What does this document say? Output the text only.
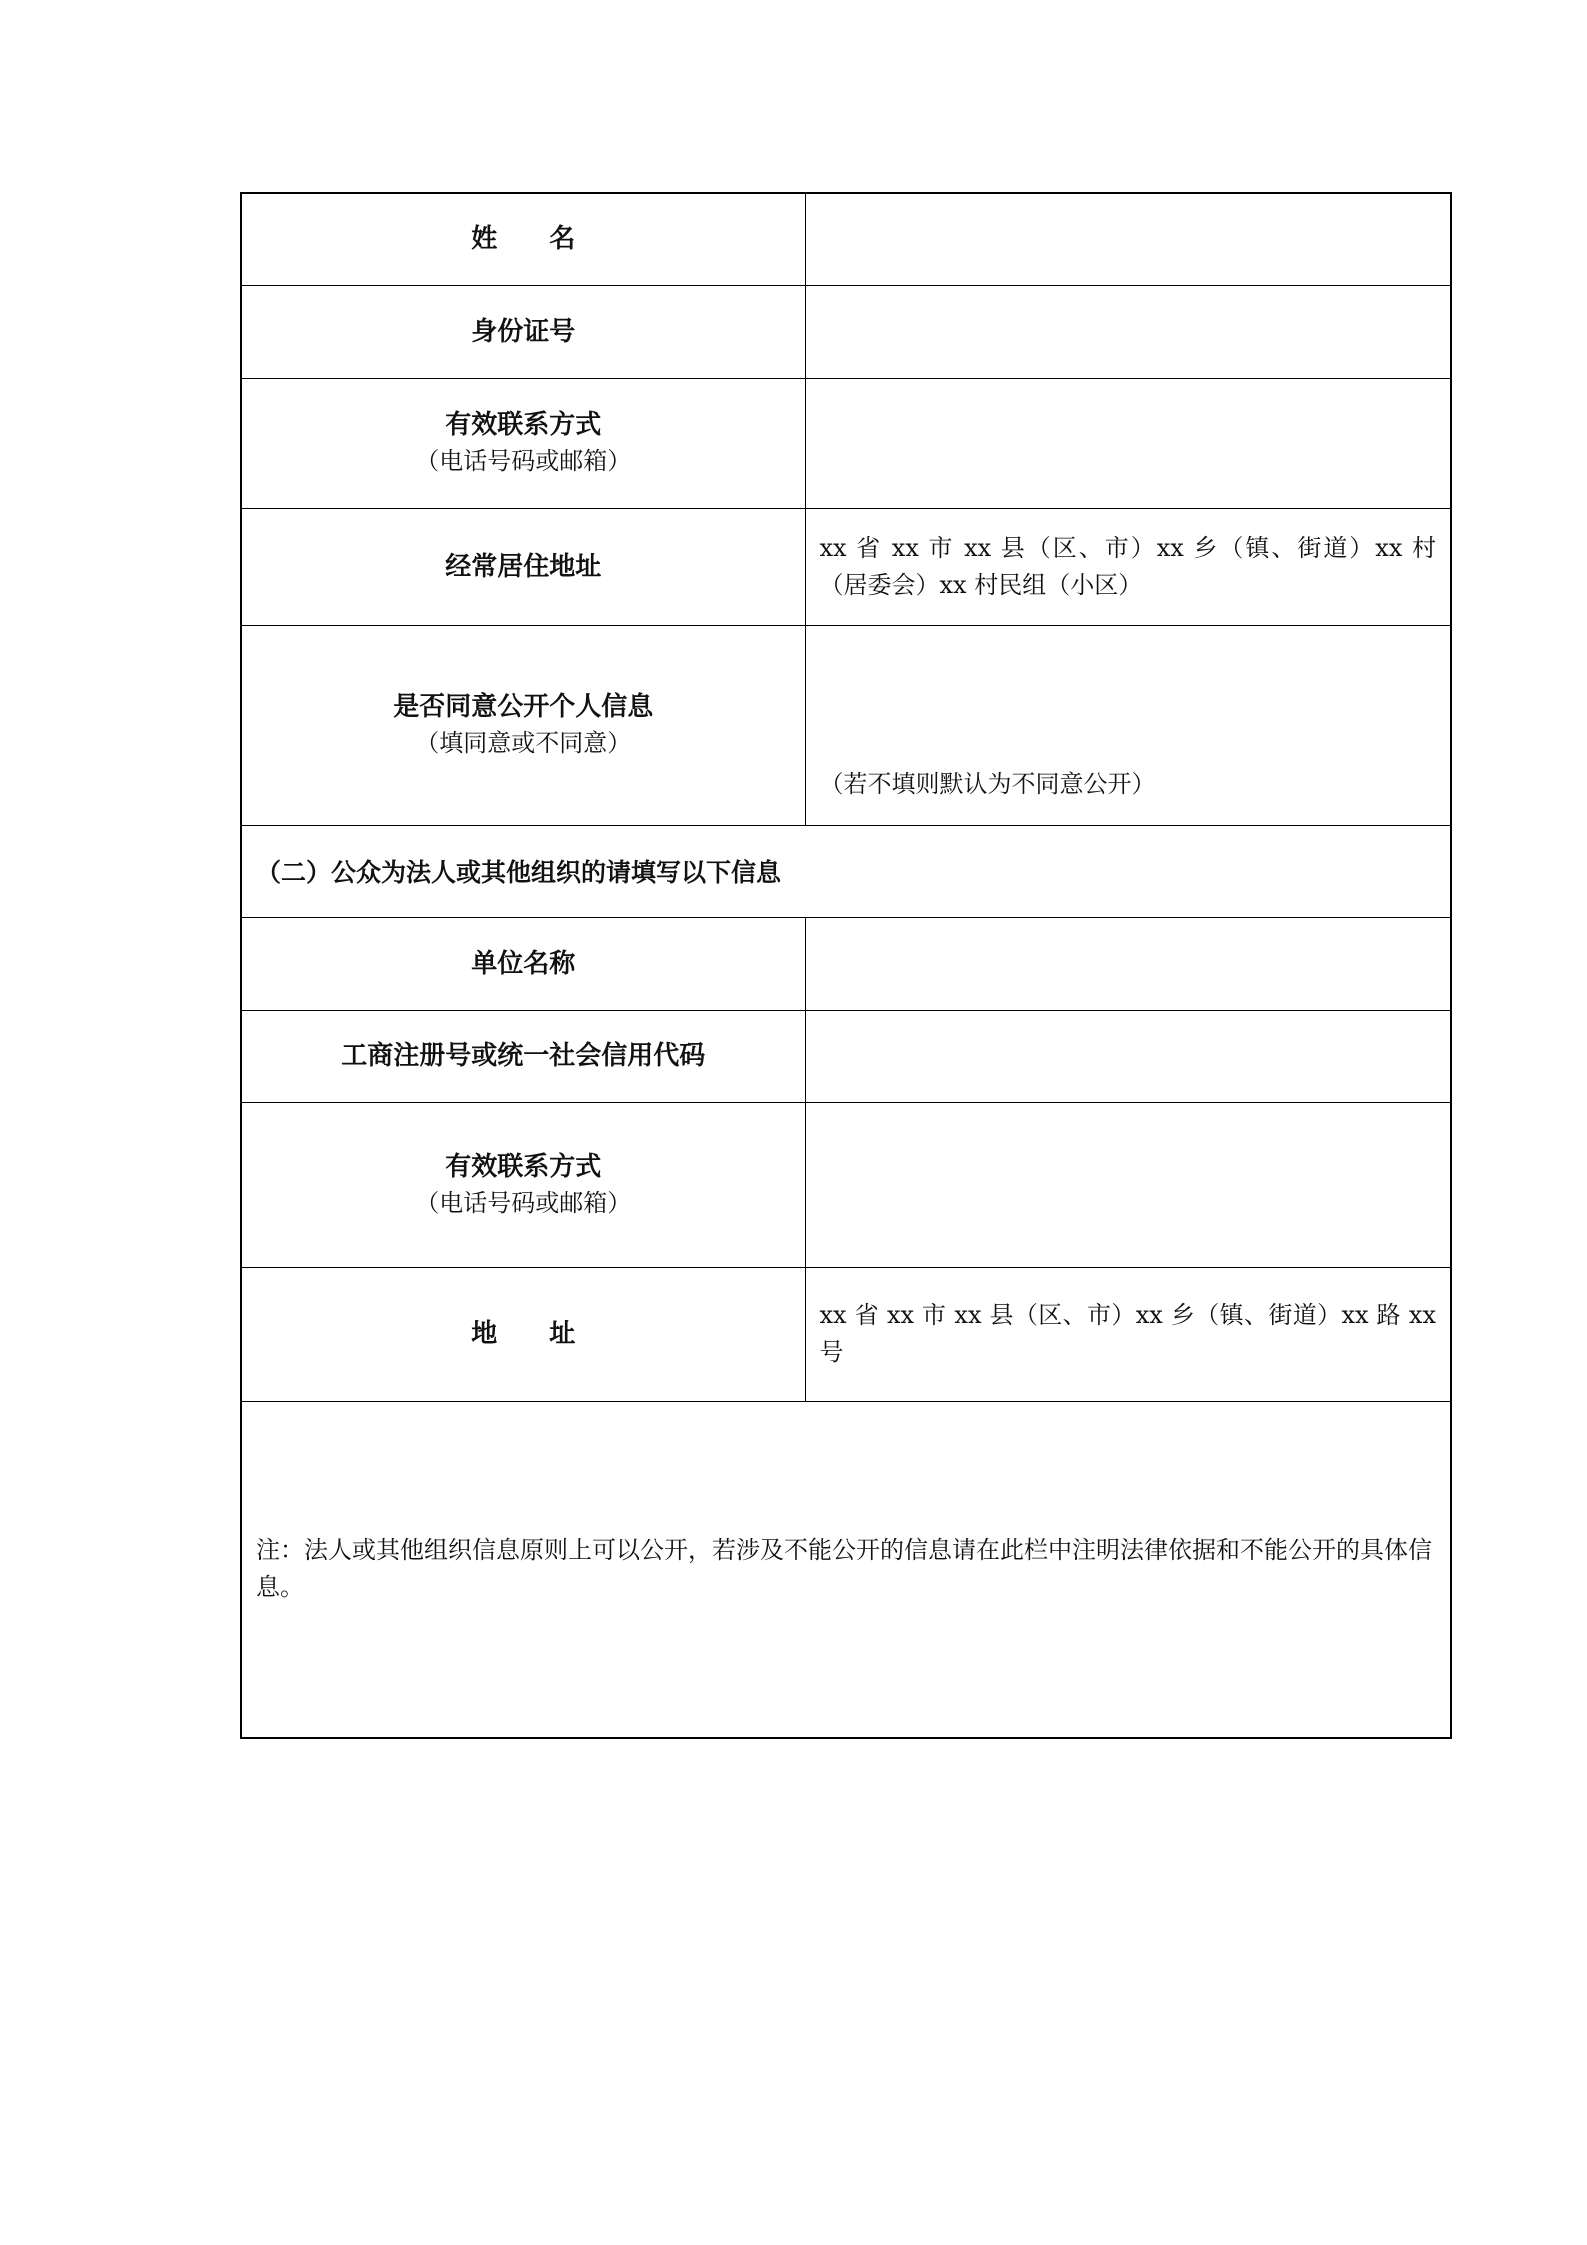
姓　　名	

身份证号	

有效联系方式
（电话号码或邮箱）	

经常居住地址	xx 省 xx 市 xx 县（区、市）xx 乡（镇、街道）xx 村（居委会）xx 村民组（小区）

是否同意公开个人信息
（填同意或不同意）	（若不填则默认为不同意公开）
（二）公众为法人或其他组织的请填写以下信息	

单位名称	

工商注册号或统一社会信用代码	

有效联系方式
（电话号码或邮箱）	

地　　址	xx 省 xx 市 xx 县（区、市）xx 乡（镇、街道）xx 路 xx 号
注：法人或其他组织信息原则上可以公开，若涉及不能公开的信息请在此栏中注明法律依据和不能公开的具体信息。	
